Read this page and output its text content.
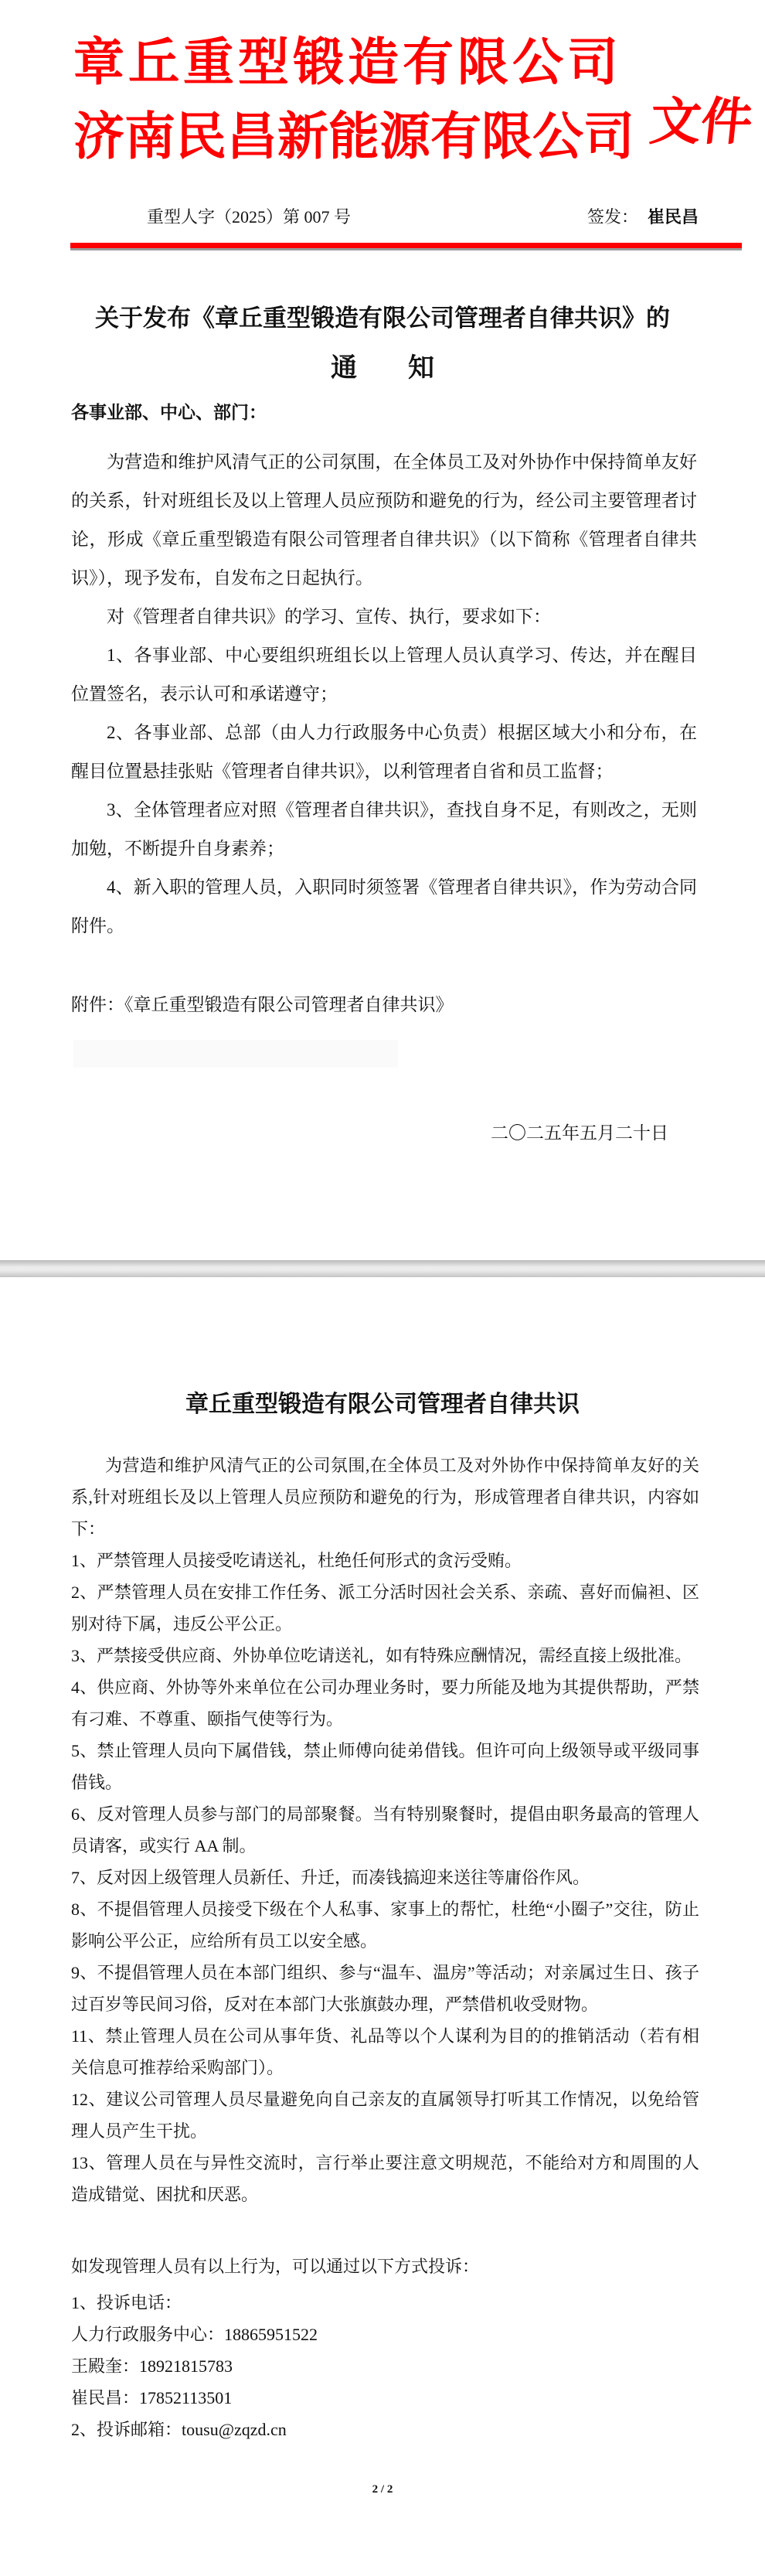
章丘重型锻造有限公司
济南民昌新能源有限公司 文件
重型人字（2025）第 007 号	签发： 崔民昌
关于发布《章丘重型锻造有限公司管理者自律共识》的
通 知
各事业部、中心、部门：

为营造和维护风清气正的公司氛围，在全体员工及对外协作中保持简单友好的关系，针对班组长及以上管理人员应预防和避免的行为，经公司主要管理者讨论，形成《章丘重型锻造有限公司管理者自律共识》（以下简称《管理者自律共识》），现予发布，自发布之日起执行。

对《管理者自律共识》的学习、宣传、执行，要求如下：

1、各事业部、中心要组织班组长以上管理人员认真学习、传达，并在醒目位置签名，表示认可和承诺遵守；

2、各事业部、总部（由人力行政服务中心负责）根据区域大小和分布，在醒目位置悬挂张贴《管理者自律共识》，以利管理者自省和员工监督；

3、全体管理者应对照《管理者自律共识》，查找自身不足，有则改之，无则加勉，不断提升自身素养；

4、新入职的管理人员，入职同时须签署《管理者自律共识》，作为劳动合同附件。

附件：《章丘重型锻造有限公司管理者自律共识》
二〇二五年五月二十日
章丘重型锻造有限公司管理者自律共识

为营造和维护风清气正的公司氛围,在全体员工及对外协作中保持简单友好的关系,针对班组长及以上管理人员应预防和避免的行为，形成管理者自律共识，内容如下：

1、严禁管理人员接受吃请送礼，杜绝任何形式的贪污受贿。

2、严禁管理人员在安排工作任务、派工分活时因社会关系、亲疏、喜好而偏袒、区别对待下属，违反公平公正。

3、严禁接受供应商、外协单位吃请送礼，如有特殊应酬情况，需经直接上级批准。

4、供应商、外协等外来单位在公司办理业务时，要力所能及地为其提供帮助，严禁有刁难、不尊重、颐指气使等行为。

5、禁止管理人员向下属借钱，禁止师傅向徒弟借钱。但许可向上级领导或平级同事借钱。

6、反对管理人员参与部门的局部聚餐。当有特别聚餐时，提倡由职务最高的管理人员请客，或实行 AA 制。

7、反对因上级管理人员新任、升迁，而凑钱搞迎来送往等庸俗作风。

8、不提倡管理人员接受下级在个人私事、家事上的帮忙，杜绝“小圈子”交往，防止影响公平公正，应给所有员工以安全感。

9、不提倡管理人员在本部门组织、参与“温车、温房”等活动；对亲属过生日、孩子过百岁等民间习俗，反对在本部门大张旗鼓办理，严禁借机收受财物。

11、禁止管理人员在公司从事年货、礼品等以个人谋利为目的的推销活动（若有相关信息可推荐给采购部门）。

12、建议公司管理人员尽量避免向自己亲友的直属领导打听其工作情况，以免给管理人员产生干扰。

13、管理人员在与异性交流时，言行举止要注意文明规范，不能给对方和周围的人造成错觉、困扰和厌恶。

如发现管理人员有以上行为，可以通过以下方式投诉：
1、投诉电话：
人力行政服务中心：18865951522
王殿奎：18921815783
崔民昌：17852113501
2、投诉邮箱：tousu@zqzd.cn
2 / 2
